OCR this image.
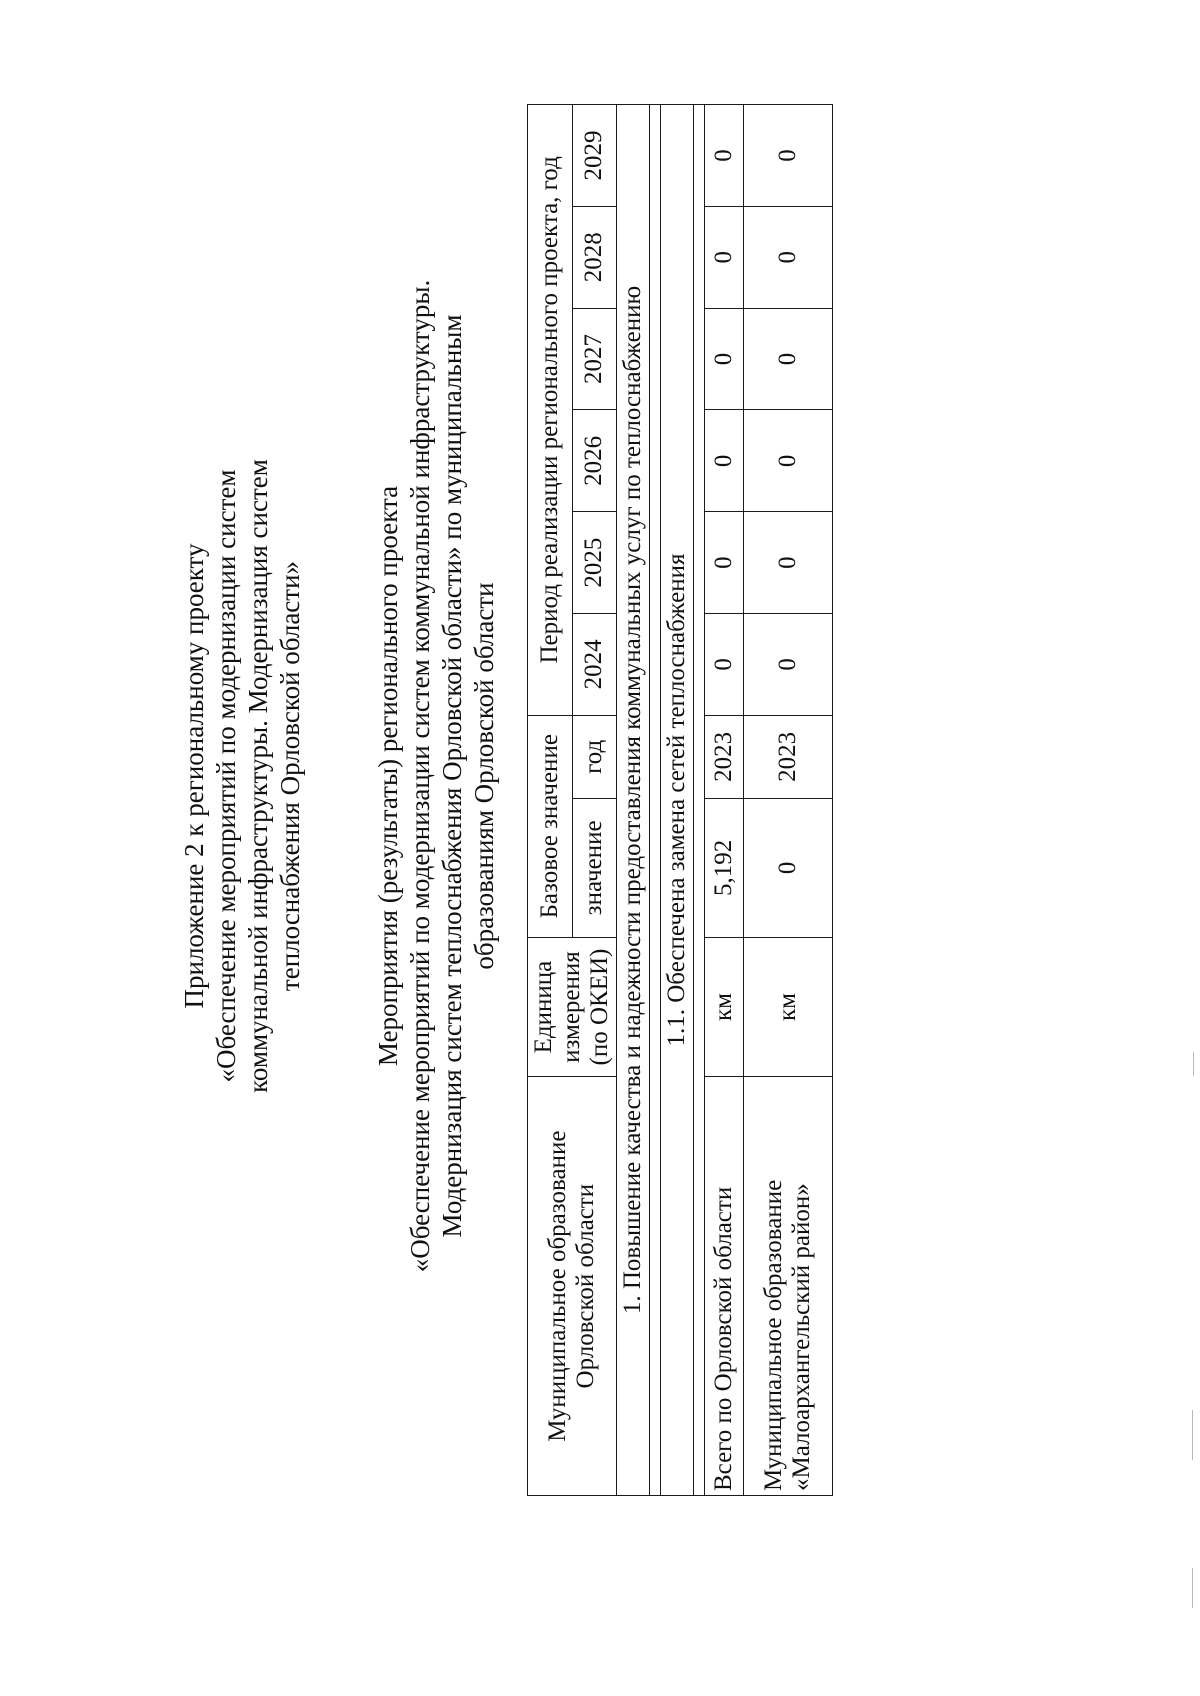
Приложение 2 к региональному проекту «Обеспечение мероприятий по модернизации систем коммунальной инфраструктуры. Модернизация систем теплоснабжения Орловской области»	Мероприятия (результаты) регионального проекта «Обеспечение мероприятий по модернизации систем коммунальной инфраструктуры. Модернизация систем теплоснабжения Орловской области» по муниципальным образованиям Орловской области
Муниципальное образование Орловской области	Единица измерения (по ОКЕИ)	Базовое значение		Период реализации регионального проекта, год					
		значение	год	2024	2025	2026	2027	2028	2029
1. Повышение качества и надежности предоставления коммунальных услуг по теплоснабжению									

1.1. Обеспечена замена сетей теплоснабжения									

Всего по Орловской области	км	5,192	2023	0	0	0	0	0	0
Муниципальное образование «Малоархангельский район»	км	0	2023	0	0	0	0	0	0
